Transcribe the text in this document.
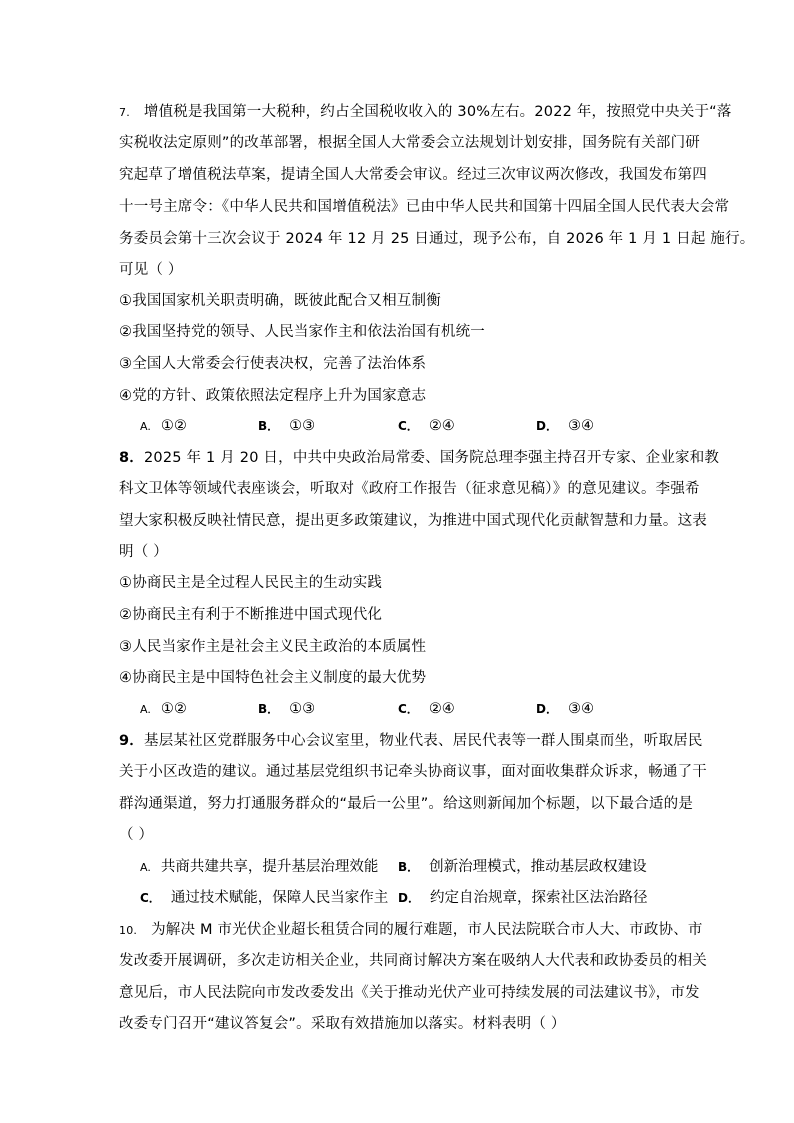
7. 增值税是我国第一大税种，约占全国税收收入的 30%左右。2022 年，按照党中央关于“落
实税收法定原则”的改革部署，根据全国人大常委会立法规划计划安排，国务院有关部门研
究起草了增值税法草案，提请全国人大常委会审议。经过三次审议两次修改，我国发布第四
十一号主席令：《中华人民共和国增值税法》已由中华人民共和国第十四届全国人民代表大会常
务委员会第十三次会议于 2024 年 12 月 25 日通过，现予公布，自 2026 年 1 月 1 日起 施行。
可见（ ）
①我国国家机关职责明确，既彼此配合又相互制衡
②我国坚持党的领导、人民当家作主和依法治国有机统一
③全国人大常委会行使表决权，完善了法治体系
④党的方针、政策依照法定程序上升为国家意志
A. ①②	B． ①③	C． ②④	D． ③④
8．2025 年 1 月 20 日，中共中央政治局常委、国务院总理李强主持召开专家、企业家和教
科文卫体等领域代表座谈会，听取对《政府工作报告（征求意见稿）》的意见建议。李强希
望大家积极反映社情民意，提出更多政策建议，为推进中国式现代化贡献智慧和力量。这表
明（ ）
①协商民主是全过程人民民主的生动实践
②协商民主有利于不断推进中国式现代化
③人民当家作主是社会主义民主政治的本质属性
④协商民主是中国特色社会主义制度的最大优势
A. ①②	B． ①③	C． ②④	D． ③④
9．基层某社区党群服务中心会议室里，物业代表、居民代表等一群人围桌而坐，听取居民
关于小区改造的建议。通过基层党组织书记牵头协商议事，面对面收集群众诉求，畅通了干
群沟通渠道，努力打通服务群众的“最后一公里”。给这则新闻加个标题，以下最合适的是
（ ）
A. 共商共建共享，提升基层治理效能 B． 创新治理模式，推动基层政权建设
C． 通过技术赋能，保障人民当家作主 D． 约定自治规章，探索社区法治路径
10. 为解决 M 市光伏企业超长租赁合同的履行难题，市人民法院联合市人大、市政协、市
发改委开展调研，多次走访相关企业，共同商讨解决方案在吸纳人大代表和政协委员的相关
意见后，市人民法院向市发改委发出《关于推动光伏产业可持续发展的司法建议书》，市发
改委专门召开“建议答复会”。采取有效措施加以落实。材料表明（ ）
